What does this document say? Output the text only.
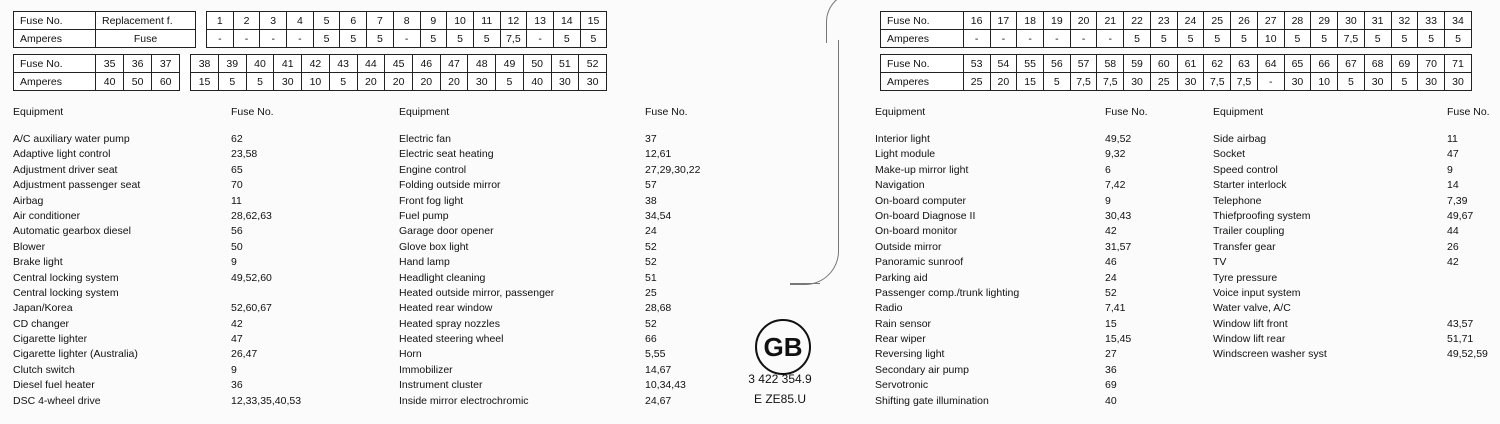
Fuse No.	Replacement f.		1	2	3	4	5	6	7	8	9	10	11	12	13	14	15
Amperes	Fuse		-	-	-	-	5	5	5	-	5	5	5	7,5	-	5	5
Fuse No.	35	36	37		38	39	40	41	42	43	44	45	46	47	48	49	50	51	52
Amperes	40	50	60		15	5	5	30	10	5	20	20	20	20	30	5	40	30	30
Fuse No.	16	17	18	19	20	21	22	23	24	25	26	27	28	29	30	31	32	33	34
Amperes	-	-	-	-	-	-	5	5	5	5	5	10	5	5	7,5	5	5	5	5
Fuse No.	53	54	55	56	57	58	59	60	61	62	63	64	65	66	67	68	69	70	71
Amperes	25	20	15	5	7,5	7,5	30	25	30	7,5	7,5	-	30	10	5	30	5	30	30
Equipment	Fuse No.
A/C auxiliary water pump	62
Adaptive light control	23,58
Adjustment driver seat	65
Adjustment passenger seat	70
Airbag	11
Air conditioner	28,62,63
Automatic gearbox diesel	56
Blower	50
Brake light	9
Central locking system	49,52,60
Central locking system
Japan/Korea	52,60,67
CD changer	42
Cigarette lighter	47
Cigarette lighter (Australia)	26,47
Clutch switch	9
Diesel fuel heater	36
DSC 4-wheel drive	12,33,35,40,53
Equipment	Fuse No.
Electric fan	37
Electric seat heating	12,61
Engine control	27,29,30,22
Folding outside mirror	57
Front fog light	38
Fuel pump	34,54
Garage door opener	24
Glove box light	52
Hand lamp	52
Headlight cleaning	51
Heated outside mirror, passenger	25
Heated rear window	28,68
Heated spray nozzles	52
Heated steering wheel	66
Horn	5,55
Immobilizer	14,67
Instrument cluster	10,34,43
Inside mirror electrochromic	24,67
Equipment	Fuse No.
Interior light	49,52
Light module	9,32
Make-up mirror light	6
Navigation	7,42
On-board computer	9
On-board Diagnose II	30,43
On-board monitor	42
Outside mirror	31,57
Panoramic sunroof	46
Parking aid	24
Passenger comp./trunk lighting	52
Radio	7,41
Rain sensor	15
Rear wiper	15,45
Reversing light	27
Secondary air pump	36
Servotronic	69
Shifting gate illumination	40
Equipment	Fuse No.
Side airbag	11
Socket	47
Speed control	9
Starter interlock	14
Telephone	7,39
Thiefproofing system	49,67
Trailer coupling	44
Transfer gear	26
TV	42
Tyre pressure
Voice input system
Water valve, A/C
Window lift front	43,57
Window lift rear	51,71
Windscreen washer syst	49,52,59
GB
3 422 354.9
E ZE85.U
